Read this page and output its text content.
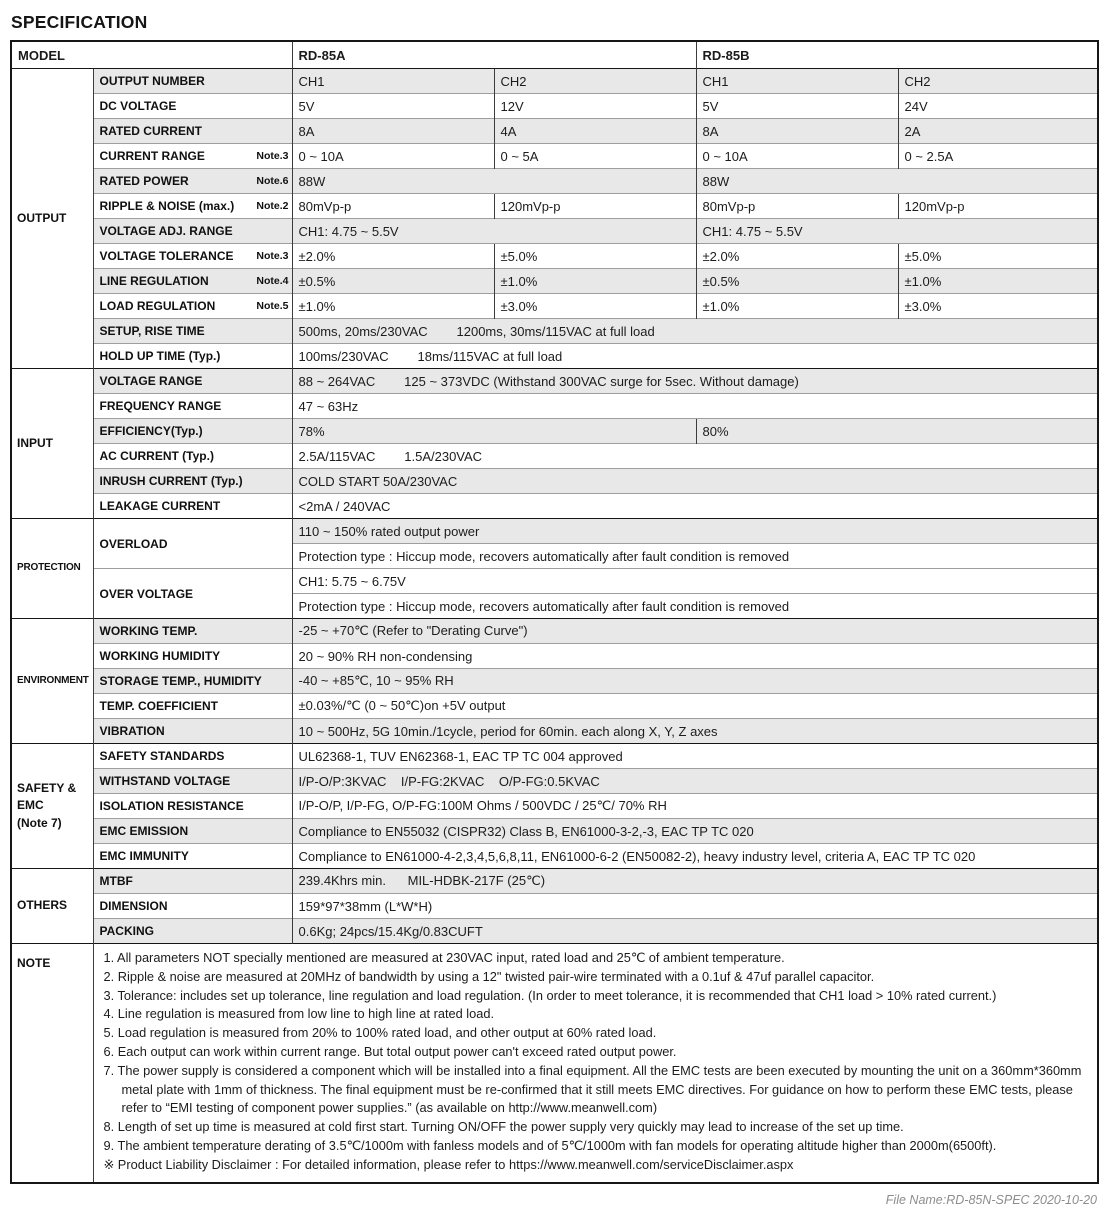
SPECIFICATION
MODEL		RD-85A		RD-85B	

OUTPUT	OUTPUT NUMBER	CH1	CH2	CH1	CH2

	DC VOLTAGE	5V	12V	5V	24V

	RATED CURRENT	8A	4A	8A	2A

	CURRENT RANGE Note.3	0 ~ 10A	0 ~ 5A	0 ~ 10A	0 ~ 2.5A

	RATED POWER Note.6	88W		88W	

	RIPPLE & NOISE (max.) Note.2	80mVp-p	120mVp-p	80mVp-p	120mVp-p

	VOLTAGE ADJ. RANGE	CH1: 4.75 ~ 5.5V		CH1: 4.75 ~ 5.5V	

	VOLTAGE TOLERANCE Note.3	±2.0%	±5.0%	±2.0%	±5.0%

	LINE REGULATION Note.4	±0.5%	±1.0%	±0.5%	±1.0%

	LOAD REGULATION Note.5	±1.0%	±3.0%	±1.0%	±3.0%

	SETUP, RISE TIME	500ms, 20ms/230VAC        1200ms, 30ms/115VAC at full load			

	HOLD UP TIME (Typ.)	100ms/230VAC        18ms/115VAC at full load			

INPUT	VOLTAGE RANGE	88 ~ 264VAC        125 ~ 373VDC (Withstand 300VAC surge for 5sec. Without damage)			

	FREQUENCY RANGE	47 ~ 63Hz			

	EFFICIENCY(Typ.)	78%		80%	

	AC CURRENT (Typ.)	2.5A/115VAC        1.5A/230VAC			

	INRUSH CURRENT (Typ.)	COLD START 50A/230VAC			

	LEAKAGE CURRENT	<2mA / 240VAC			

PROTECTION	OVERLOAD	110 ~ 150% rated output power			
		Protection type : Hiccup mode, recovers automatically after fault condition is removed			

	OVER VOLTAGE	CH1: 5.75 ~ 6.75V			
		Protection type : Hiccup mode, recovers automatically after fault condition is removed			

ENVIRONMENT	WORKING TEMP.	-25 ~ +70℃ (Refer to "Derating Curve")			

	WORKING HUMIDITY	20 ~ 90% RH non-condensing			

	STORAGE TEMP., HUMIDITY	-40 ~ +85℃, 10 ~ 95% RH			

	TEMP. COEFFICIENT	±0.03%/℃ (0 ~ 50℃)on +5V output			

	VIBRATION	10 ~ 500Hz, 5G 10min./1cycle, period for 60min. each along X, Y, Z axes			

SAFETY &
EMC
(Note 7)	SAFETY STANDARDS	UL62368-1, TUV EN62368-1, EAC TP TC 004 approved			

	WITHSTAND VOLTAGE	I/P-O/P:3KVAC    I/P-FG:2KVAC    O/P-FG:0.5KVAC			

	ISOLATION RESISTANCE	I/P-O/P, I/P-FG, O/P-FG:100M Ohms / 500VDC / 25℃/ 70% RH			

	EMC EMISSION	Compliance to EN55032 (CISPR32) Class B, EN61000-3-2,-3, EAC TP TC 020			

	EMC IMMUNITY	Compliance to EN61000-4-2,3,4,5,6,8,11, EN61000-6-2 (EN50082-2), heavy industry level, criteria A, EAC TP TC 020			

OTHERS	MTBF	239.4Khrs min.      MIL-HDBK-217F (25℃)			

	DIMENSION	159*97*38mm (L*W*H)			

	PACKING	0.6Kg; 24pcs/15.4Kg/0.83CUFT			

NOTE	1. All parameters NOT specially mentioned are measured at 230VAC input, rated load and 25℃ of ambient temperature.
2. Ripple & noise are measured at 20MHz of bandwidth by using a 12" twisted pair-wire terminated with a 0.1uf & 47uf parallel capacitor.
3. Tolerance: includes set up tolerance, line regulation and load regulation. (In order to meet tolerance, it is recommended that CH1 load > 10% rated current.)
4. Line regulation is measured from low line to high line at rated load.
5. Load regulation is measured from 20% to 100% rated load, and other output at 60% rated load.
6. Each output can work within current range. But total output power can't exceed rated output power.
7. The power supply is considered a component which will be installed into a final equipment. All the EMC tests are been executed by mounting the unit on a 360mm*360mm metal plate with 1mm of thickness. The final equipment must be re-confirmed that it still meets EMC directives. For guidance on how to perform these EMC tests, please refer to “EMI testing of component power supplies.” (as available on http://www.meanwell.com)
8. Length of set up time is measured at cold first start. Turning ON/OFF the power supply very quickly may lead to increase of the set up time.
9. The ambient temperature derating of 3.5℃/1000m with fanless models and of 5℃/1000m with fan models for operating altitude higher than 2000m(6500ft).
※ Product Liability Disclaimer : For detailed information, please refer to https://www.meanwell.com/serviceDisclaimer.aspx
File Name:RD-85N-SPEC 2020-10-20
